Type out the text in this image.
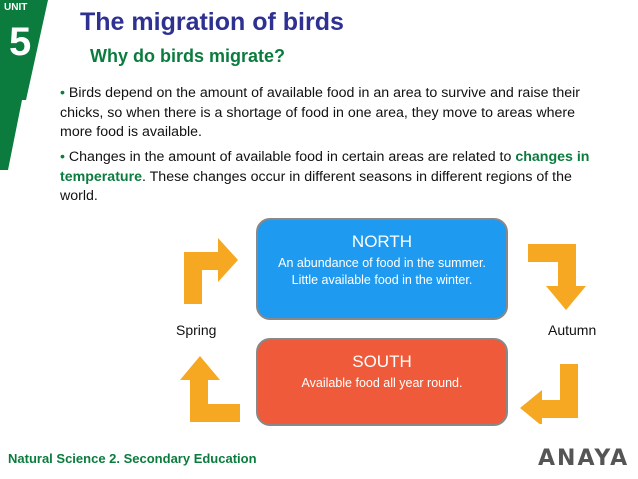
UNIT
5 The migration of birds
Why do birds migrate?
• Birds depend on the amount of available food in an area to survive and raise their chicks, so when there is a shortage of food in one area, they move to areas where more food is available.
• Changes in the amount of available food in certain areas are related to changes in temperature. These changes occur in different seasons in different regions of the world.
NORTH
An abundance of food in the summer. Little available food in the winter.
SOUTH
Available food all year round.
Spring	Autumn
Natural Science 2. Secondary Education	ANAYA
